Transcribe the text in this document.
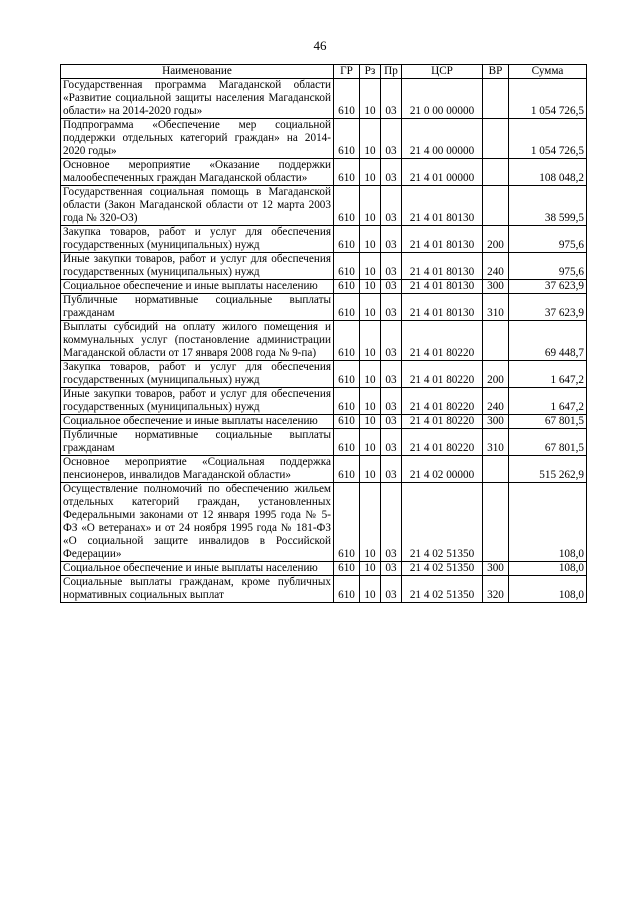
46
Наименование	ГР	Рз	Пр	ЦСР	ВР	Сумма
Государственная программа Магаданской области «Развитие социальной защиты населения Магаданской области» на 2014-2020 годы»	610	10	03	21 0 00 00000		1 054 726,5
Подпрограмма «Обеспечение мер социальной поддержки отдельных категорий граждан» на 2014-2020 годы»	610	10	03	21 4 00 00000		1 054 726,5
Основное мероприятие «Оказание поддержки малообеспеченных граждан Магаданской области»	610	10	03	21 4 01 00000		108 048,2
Государственная социальная помощь в Магаданской области (Закон Магаданской области от 12 марта 2003 года № 320-ОЗ)	610	10	03	21 4 01 80130		38 599,5
Закупка товаров, работ и услуг для обеспечения государственных (муниципальных) нужд	610	10	03	21 4 01 80130	200	975,6
Иные закупки товаров, работ и услуг для обеспечения государственных (муниципальных) нужд	610	10	03	21 4 01 80130	240	975,6
Социальное обеспечение и иные выплаты населению	610	10	03	21 4 01 80130	300	37 623,9
Публичные нормативные социальные выплаты гражданам	610	10	03	21 4 01 80130	310	37 623,9
Выплаты субсидий на оплату жилого помещения и коммунальных услуг (постановление администрации Магаданской области от 17 января 2008 года № 9-па)	610	10	03	21 4 01 80220		69 448,7
Закупка товаров, работ и услуг для обеспечения государственных (муниципальных) нужд	610	10	03	21 4 01 80220	200	1 647,2
Иные закупки товаров, работ и услуг для обеспечения государственных (муниципальных) нужд	610	10	03	21 4 01 80220	240	1 647,2
Социальное обеспечение и иные выплаты населению	610	10	03	21 4 01 80220	300	67 801,5
Публичные нормативные социальные выплаты гражданам	610	10	03	21 4 01 80220	310	67 801,5
Основное мероприятие «Социальная поддержка пенсионеров, инвалидов Магаданской области»	610	10	03	21 4 02 00000		515 262,9
Осуществление полномочий по обеспечению жильем отдельных категорий граждан, установленных Федеральными законами от 12 января 1995 года № 5-ФЗ «О ветеранах» и от 24 ноября 1995 года № 181-ФЗ «О социальной защите инвалидов в Российской Федерации»	610	10	03	21 4 02 51350		108,0
Социальное обеспечение и иные выплаты населению	610	10	03	21 4 02 51350	300	108,0
Социальные выплаты гражданам, кроме публичных нормативных социальных выплат	610	10	03	21 4 02 51350	320	108,0
